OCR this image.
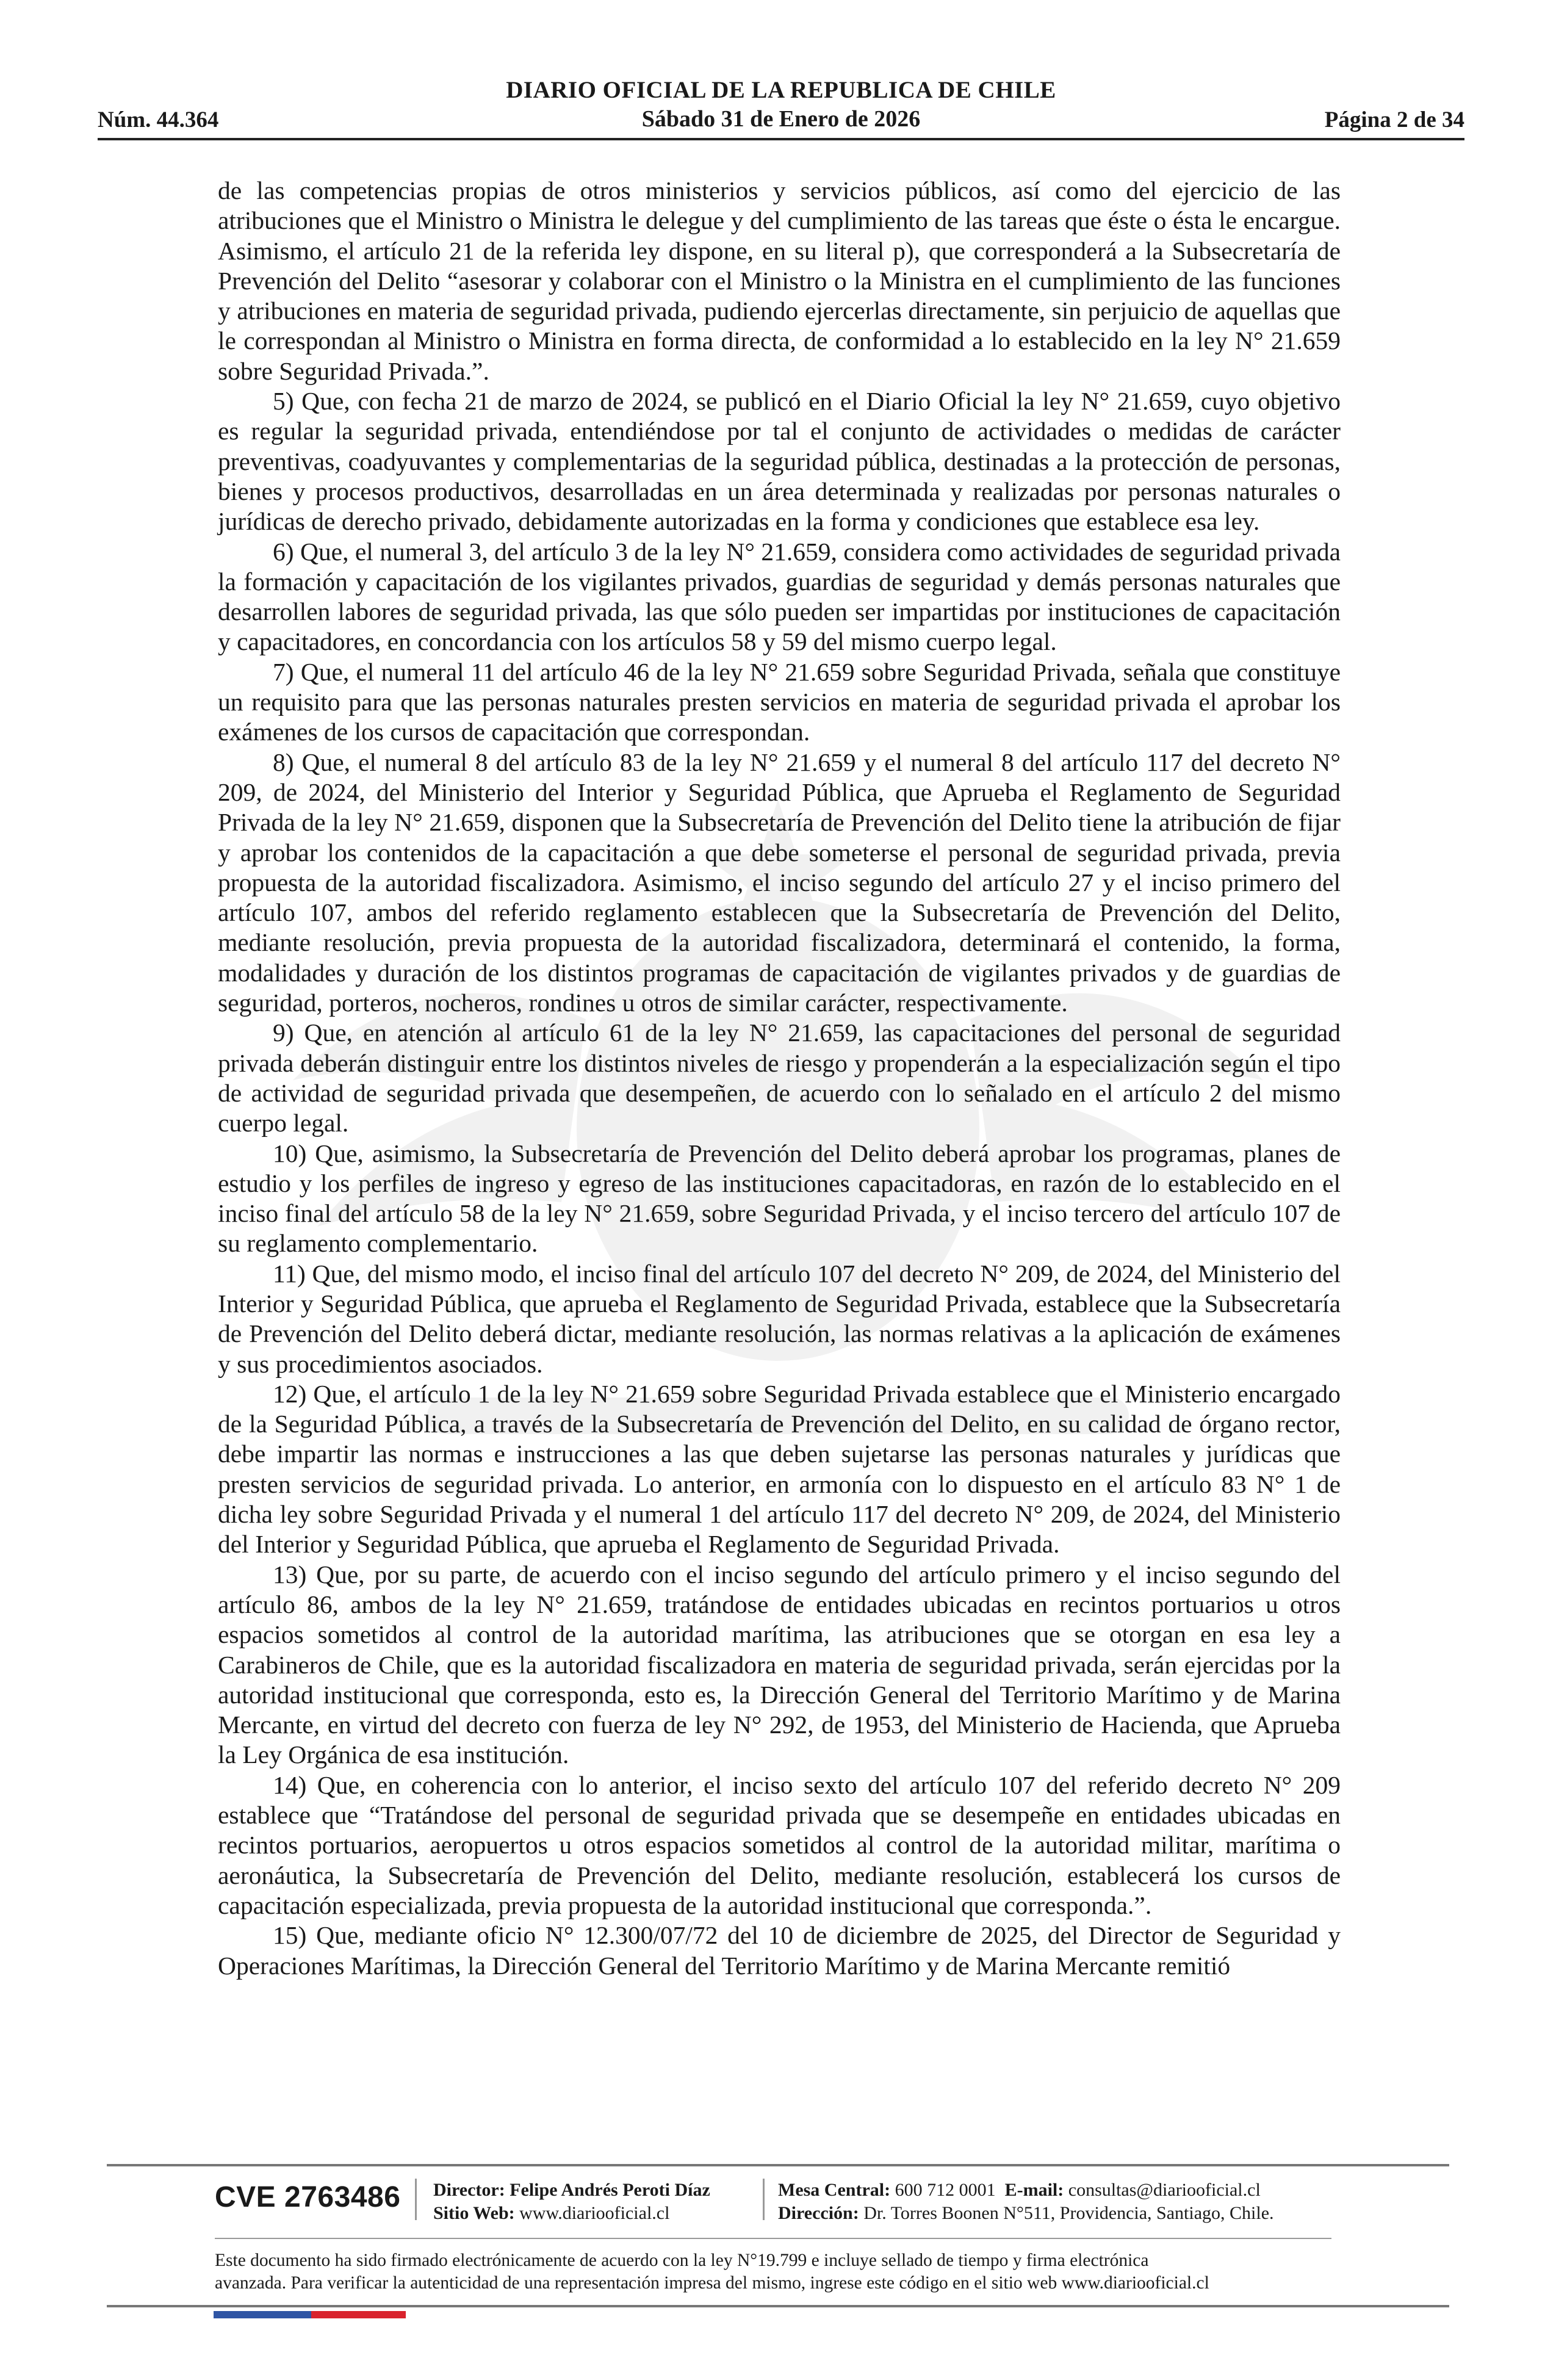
DIARIO OFICIAL DE LA REPUBLICA DE CHILE
Núm. 44.364	Sábado 31 de Enero de 2026	Página 2 de 34

de las competencias propias de otros ministerios y servicios públicos, así como del ejercicio de las atribuciones que el Ministro o Ministra le delegue y del cumplimiento de las tareas que éste o ésta le encargue. Asimismo, el artículo 21 de la referida ley dispone, en su literal p), que corresponderá a la Subsecretaría de Prevención del Delito “asesorar y colaborar con el Ministro o la Ministra en el cumplimiento de las funciones y atribuciones en materia de seguridad privada, pudiendo ejercerlas directamente, sin perjuicio de aquellas que le correspondan al Ministro o Ministra en forma directa, de conformidad a lo establecido en la ley N° 21.659 sobre Seguridad Privada.”.

5) Que, con fecha 21 de marzo de 2024, se publicó en el Diario Oficial la ley N° 21.659, cuyo objetivo es regular la seguridad privada, entendiéndose por tal el conjunto de actividades o medidas de carácter preventivas, coadyuvantes y complementarias de la seguridad pública, destinadas a la protección de personas, bienes y procesos productivos, desarrolladas en un área determinada y realizadas por personas naturales o jurídicas de derecho privado, debidamente autorizadas en la forma y condiciones que establece esa ley.

6) Que, el numeral 3, del artículo 3 de la ley N° 21.659, considera como actividades de seguridad privada la formación y capacitación de los vigilantes privados, guardias de seguridad y demás personas naturales que desarrollen labores de seguridad privada, las que sólo pueden ser impartidas por instituciones de capacitación y capacitadores, en concordancia con los artículos 58 y 59 del mismo cuerpo legal.

7) Que, el numeral 11 del artículo 46 de la ley N° 21.659 sobre Seguridad Privada, señala que constituye un requisito para que las personas naturales presten servicios en materia de seguridad privada el aprobar los exámenes de los cursos de capacitación que correspondan.

8) Que, el numeral 8 del artículo 83 de la ley N° 21.659 y el numeral 8 del artículo 117 del decreto N° 209, de 2024, del Ministerio del Interior y Seguridad Pública, que Aprueba el Reglamento de Seguridad Privada de la ley N° 21.659, disponen que la Subsecretaría de Prevención del Delito tiene la atribución de fijar y aprobar los contenidos de la capacitación a que debe someterse el personal de seguridad privada, previa propuesta de la autoridad fiscalizadora. Asimismo, el inciso segundo del artículo 27 y el inciso primero del artículo 107, ambos del referido reglamento establecen que la Subsecretaría de Prevención del Delito, mediante resolución, previa propuesta de la autoridad fiscalizadora, determinará el contenido, la forma, modalidades y duración de los distintos programas de capacitación de vigilantes privados y de guardias de seguridad, porteros, nocheros, rondines u otros de similar carácter, respectivamente.

9) Que, en atención al artículo 61 de la ley N° 21.659, las capacitaciones del personal de seguridad privada deberán distinguir entre los distintos niveles de riesgo y propenderán a la especialización según el tipo de actividad de seguridad privada que desempeñen, de acuerdo con lo señalado en el artículo 2 del mismo cuerpo legal.

10) Que, asimismo, la Subsecretaría de Prevención del Delito deberá aprobar los programas, planes de estudio y los perfiles de ingreso y egreso de las instituciones capacitadoras, en razón de lo establecido en el inciso final del artículo 58 de la ley N° 21.659, sobre Seguridad Privada, y el inciso tercero del artículo 107 de su reglamento complementario.

11) Que, del mismo modo, el inciso final del artículo 107 del decreto N° 209, de 2024, del Ministerio del Interior y Seguridad Pública, que aprueba el Reglamento de Seguridad Privada, establece que la Subsecretaría de Prevención del Delito deberá dictar, mediante resolución, las normas relativas a la aplicación de exámenes y sus procedimientos asociados.

12) Que, el artículo 1 de la ley N° 21.659 sobre Seguridad Privada establece que el Ministerio encargado de la Seguridad Pública, a través de la Subsecretaría de Prevención del Delito, en su calidad de órgano rector, debe impartir las normas e instrucciones a las que deben sujetarse las personas naturales y jurídicas que presten servicios de seguridad privada. Lo anterior, en armonía con lo dispuesto en el artículo 83 N° 1 de dicha ley sobre Seguridad Privada y el numeral 1 del artículo 117 del decreto N° 209, de 2024, del Ministerio del Interior y Seguridad Pública, que aprueba el Reglamento de Seguridad Privada.

13) Que, por su parte, de acuerdo con el inciso segundo del artículo primero y el inciso segundo del artículo 86, ambos de la ley N° 21.659, tratándose de entidades ubicadas en recintos portuarios u otros espacios sometidos al control de la autoridad marítima, las atribuciones que se otorgan en esa ley a Carabineros de Chile, que es la autoridad fiscalizadora en materia de seguridad privada, serán ejercidas por la autoridad institucional que corresponda, esto es, la Dirección General del Territorio Marítimo y de Marina Mercante, en virtud del decreto con fuerza de ley N° 292, de 1953, del Ministerio de Hacienda, que Aprueba la Ley Orgánica de esa institución.

14) Que, en coherencia con lo anterior, el inciso sexto del artículo 107 del referido decreto N° 209 establece que “Tratándose del personal de seguridad privada que se desempeñe en entidades ubicadas en recintos portuarios, aeropuertos u otros espacios sometidos al control de la autoridad militar, marítima o aeronáutica, la Subsecretaría de Prevención del Delito, mediante resolución, establecerá los cursos de capacitación especializada, previa propuesta de la autoridad institucional que corresponda.”.

15) Que, mediante oficio N° 12.300/07/72 del 10 de diciembre de 2025, del Director de Seguridad y Operaciones Marítimas, la Dirección General del Territorio Marítimo y de Marina Mercante remitió

CVE 2763486 Director: Felipe Andrés Peroti Díaz
Sitio Web: www.diariooficial.cl
Mesa Central: 600 712 0001 E-mail: consultas@diariooficial.cl
Dirección: Dr. Torres Boonen N°511, Providencia, Santiago, Chile.
Este documento ha sido firmado electrónicamente de acuerdo con la ley N°19.799 e incluye sellado de tiempo y firma electrónica
avanzada. Para verificar la autenticidad de una representación impresa del mismo, ingrese este código en el sitio web www.diariooficial.cl
